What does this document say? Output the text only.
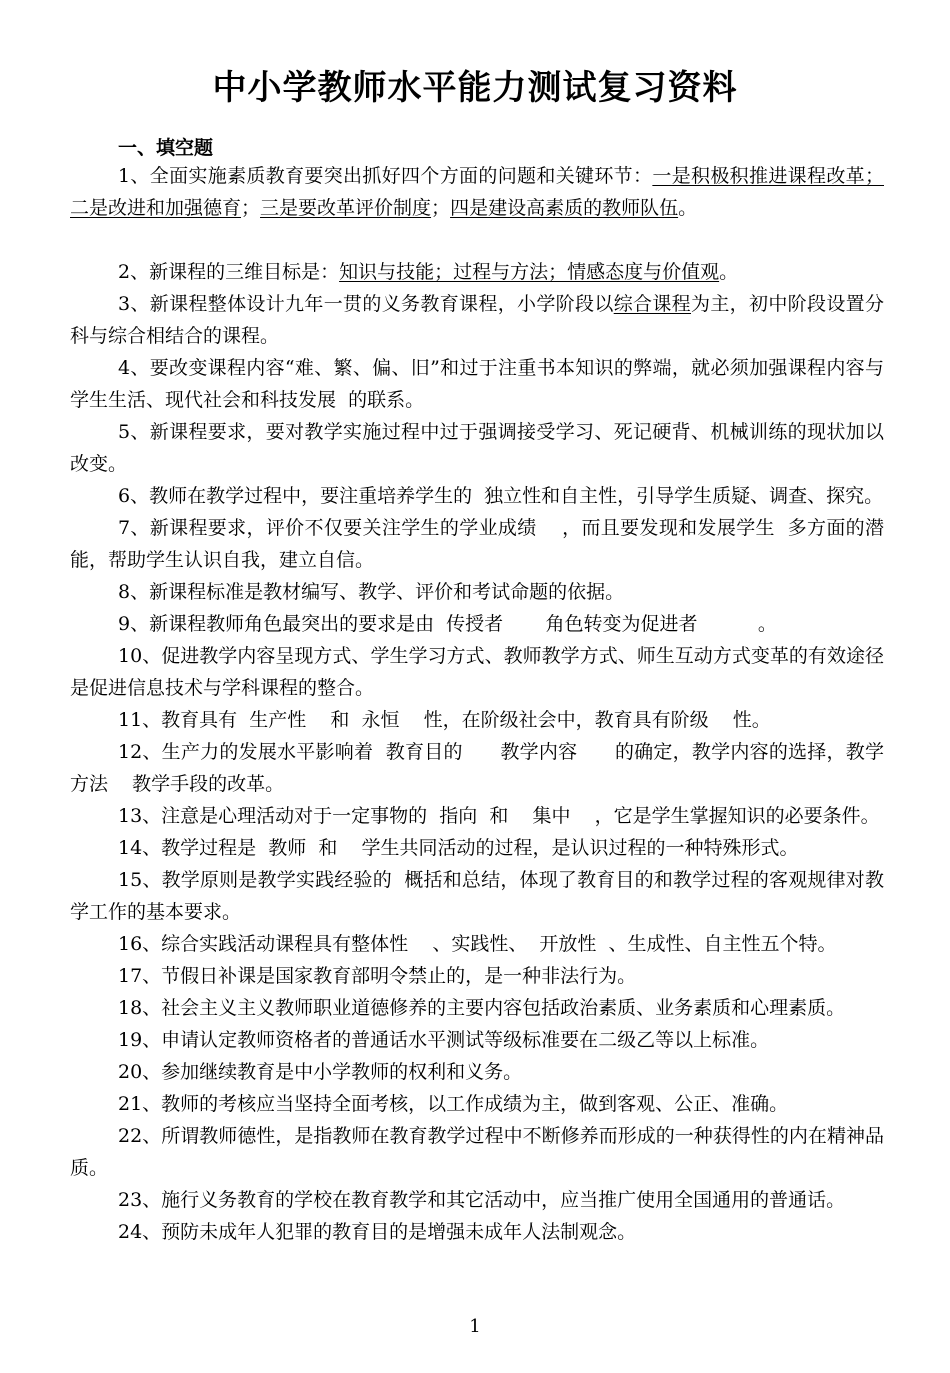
中小学教师水平能力测试复习资料
一、填空题

1、全面实施素质教育要突出抓好四个方面的问题和关键环节：一是积极积推进课程改革；二是改进和加强德育；三是要改革评价制度；四是建设高素质的教师队伍。

2、新课程的三维目标是：知识与技能；过程与方法；情感态度与价值观。

3、新课程整体设计九年一贯的义务教育课程，小学阶段以综合课程为主，初中阶段设置分科与综合相结合的课程。

4、要改变课程内容“难、繁、偏、旧”和过于注重书本知识的弊端，就必须加强课程内容与  学生生活、现代社会和科技发展  的联系。

5、新课程要求，要对教学实施过程中过于强调接受学习、死记硬背、机械训练的现状加以改变。

6、教师在教学过程中，要注重培养学生的  独立性和自主性，引导学生质疑、调查、探究。

7、新课程要求，评价不仅要关注学生的学业成绩    ，而且要发现和发展学生  多方面的潜能，帮助学生认识自我，建立自信。

8、新课程标准是教材编写、教学、评价和考试命题的依据。

9、新课程教师角色最突出的要求是由  传授者       角色转变为促进者          。

10、促进教学内容呈现方式、学生学习方式、教师教学方式、师生互动方式变革的有效途径是促进信息技术与学科课程的整合。

11、教育具有  生产性    和  永恒    性，在阶级社会中，教育具有阶级    性。

12、生产力的发展水平影响着  教育目的      教学内容      的确定，教学内容的选择，教学方法    教学手段的改革。

13、注意是心理活动对于一定事物的  指向  和    集中    ，它是学生掌握知识的必要条件。

14、教学过程是  教师  和    学生共同活动的过程，是认识过程的一种特殊形式。

15、教学原则是教学实践经验的  概括和总结，体现了教育目的和教学过程的客观规律对教学工作的基本要求。

16、综合实践活动课程具有整体性    、实践性、  开放性  、生成性、自主性五个特。

17、节假日补课是国家教育部明令禁止的，是一种非法行为。

18、社会主义主义教师职业道德修养的主要内容包括政治素质、业务素质和心理素质。

19、申请认定教师资格者的普通话水平测试等级标准要在二级乙等以上标准。

20、参加继续教育是中小学教师的权利和义务。

21、教师的考核应当坚持全面考核，以工作成绩为主，做到客观、公正、准确。

22、所谓教师德性，是指教师在教育教学过程中不断修养而形成的一种获得性的内在精神品质。

23、施行义务教育的学校在教育教学和其它活动中，应当推广使用全国通用的普通话。

24、预防未成年人犯罪的教育目的是增强未成年人法制观念。

1
